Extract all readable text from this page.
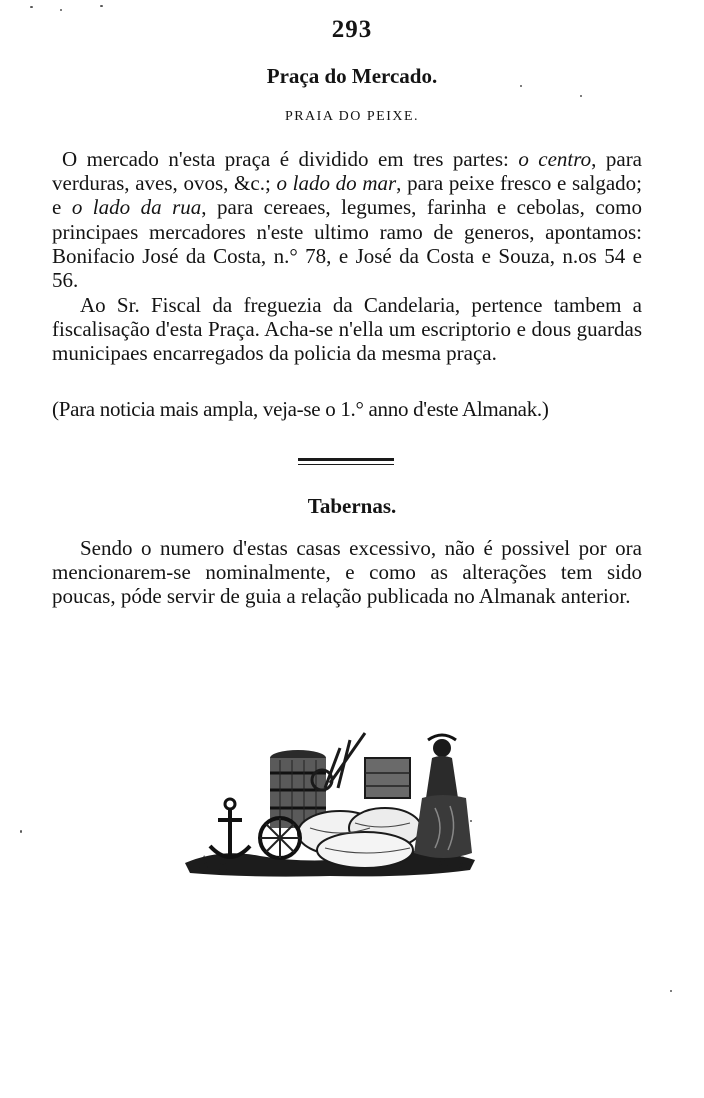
293
Praça do Mercado.
PRAIA DO PEIXE.
O mercado n'esta praça é dividido em tres partes: o centro, para verduras, aves, ovos, &c.; o lado do mar, para peixe fresco e salgado; e o lado da rua, para cereaes, legumes, farinha e cebolas, como principaes mercadores n'este ultimo ramo de generos, apontamos: Bonifacio José da Costa, n.° 78, e José da Costa e Souza, n.os 54 e 56.
Ao Sr. Fiscal da freguezia da Candelaria, pertence tambem a fiscalisação d'esta Praça. Acha-se n'ella um escriptorio e dous guardas municipaes encarregados da policia da mesma praça.
(Para noticia mais ampla, veja-se o 1.° anno d'este Almanak.)
Tabernas.
Sendo o numero d'estas casas excessivo, não é possivel por ora mencionarem-se nominalmente, e como as alterações tem sido poucas, póde servir de guia a relação publicada no Almanak anterior.
